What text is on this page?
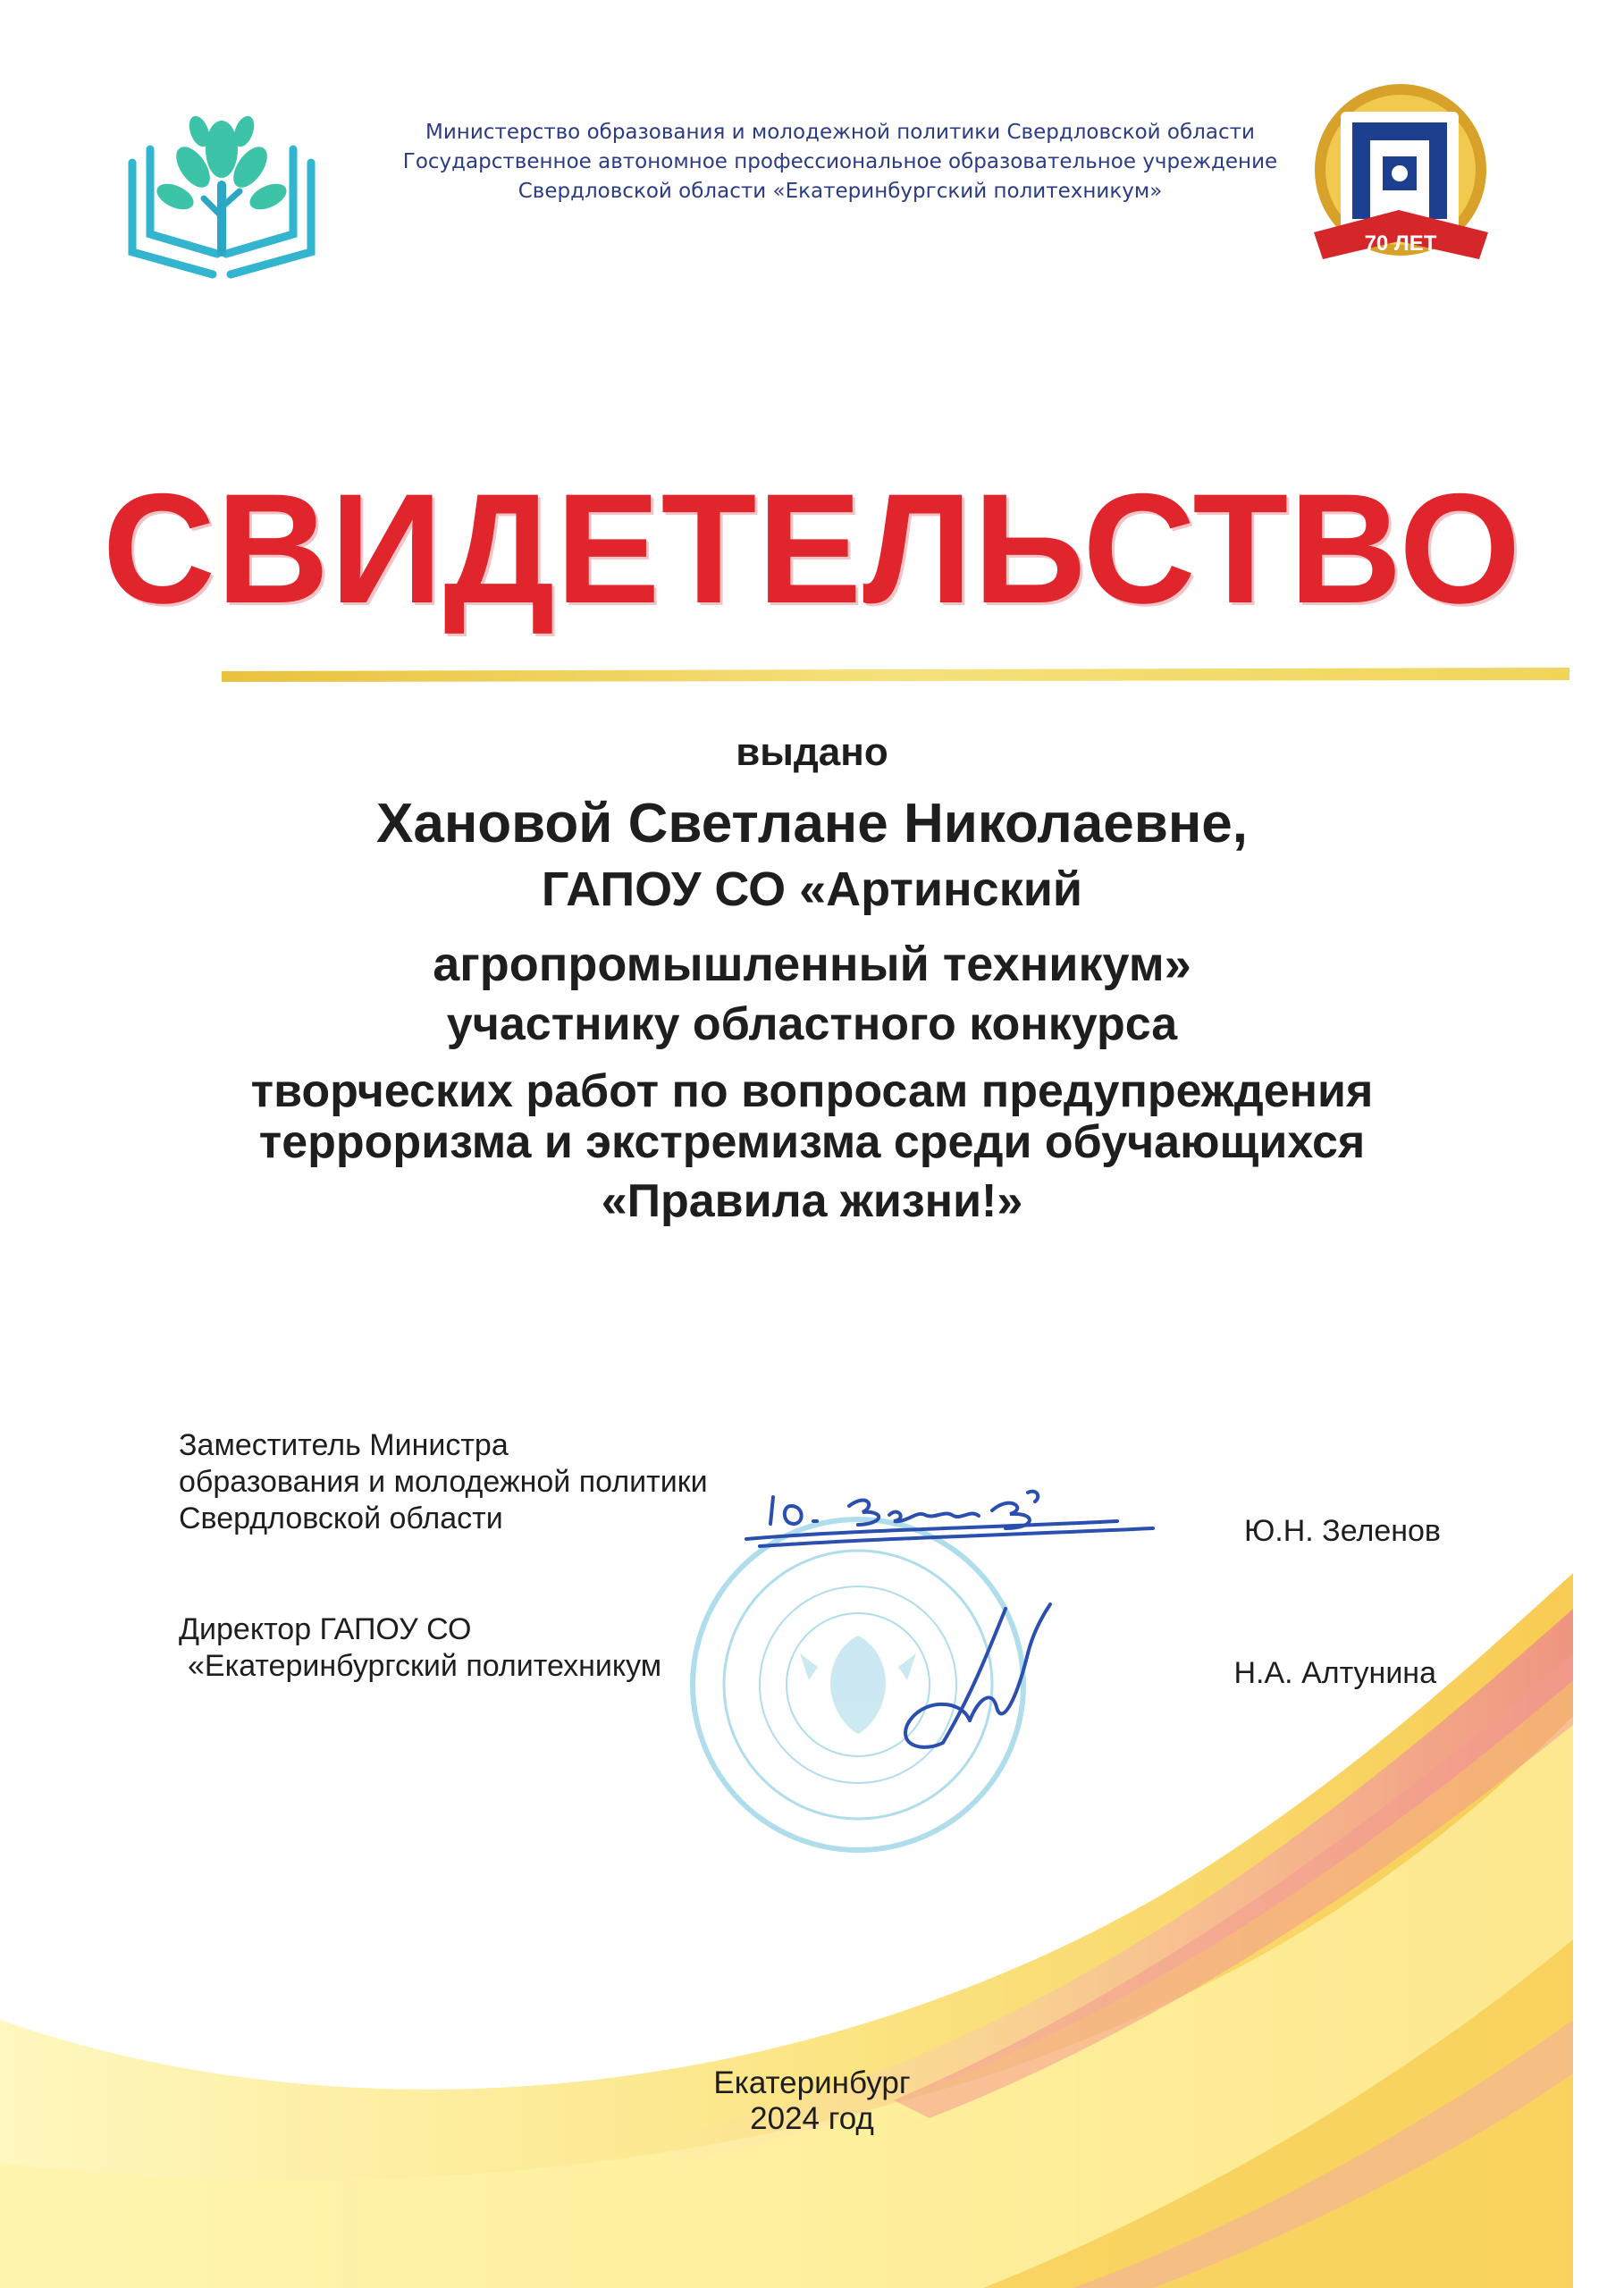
Министерство образования и молодежной политики Свердловской области
Государственное автономное профессиональное образовательное учреждение
Свердловской области «Екатеринбургский политехникум»
70 ЛЕТ
СВИДЕТЕЛЬСТВО
выдано
Хановой Светлане Николаевне,
ГАПОУ СО «Артинский
агропромышленный техникум»
участнику областного конкурса
творческих работ по вопросам предупреждения
терроризма и экстремизма среди обучающихся
«Правила жизни!»
Заместитель Министра
образования и молодежной политики
Свердловской области	Ю.Н. Зеленов
Директор ГАПОУ СО
«Екатеринбургский политехникум	Н.А. Алтунина
Екатеринбург
2024 год
